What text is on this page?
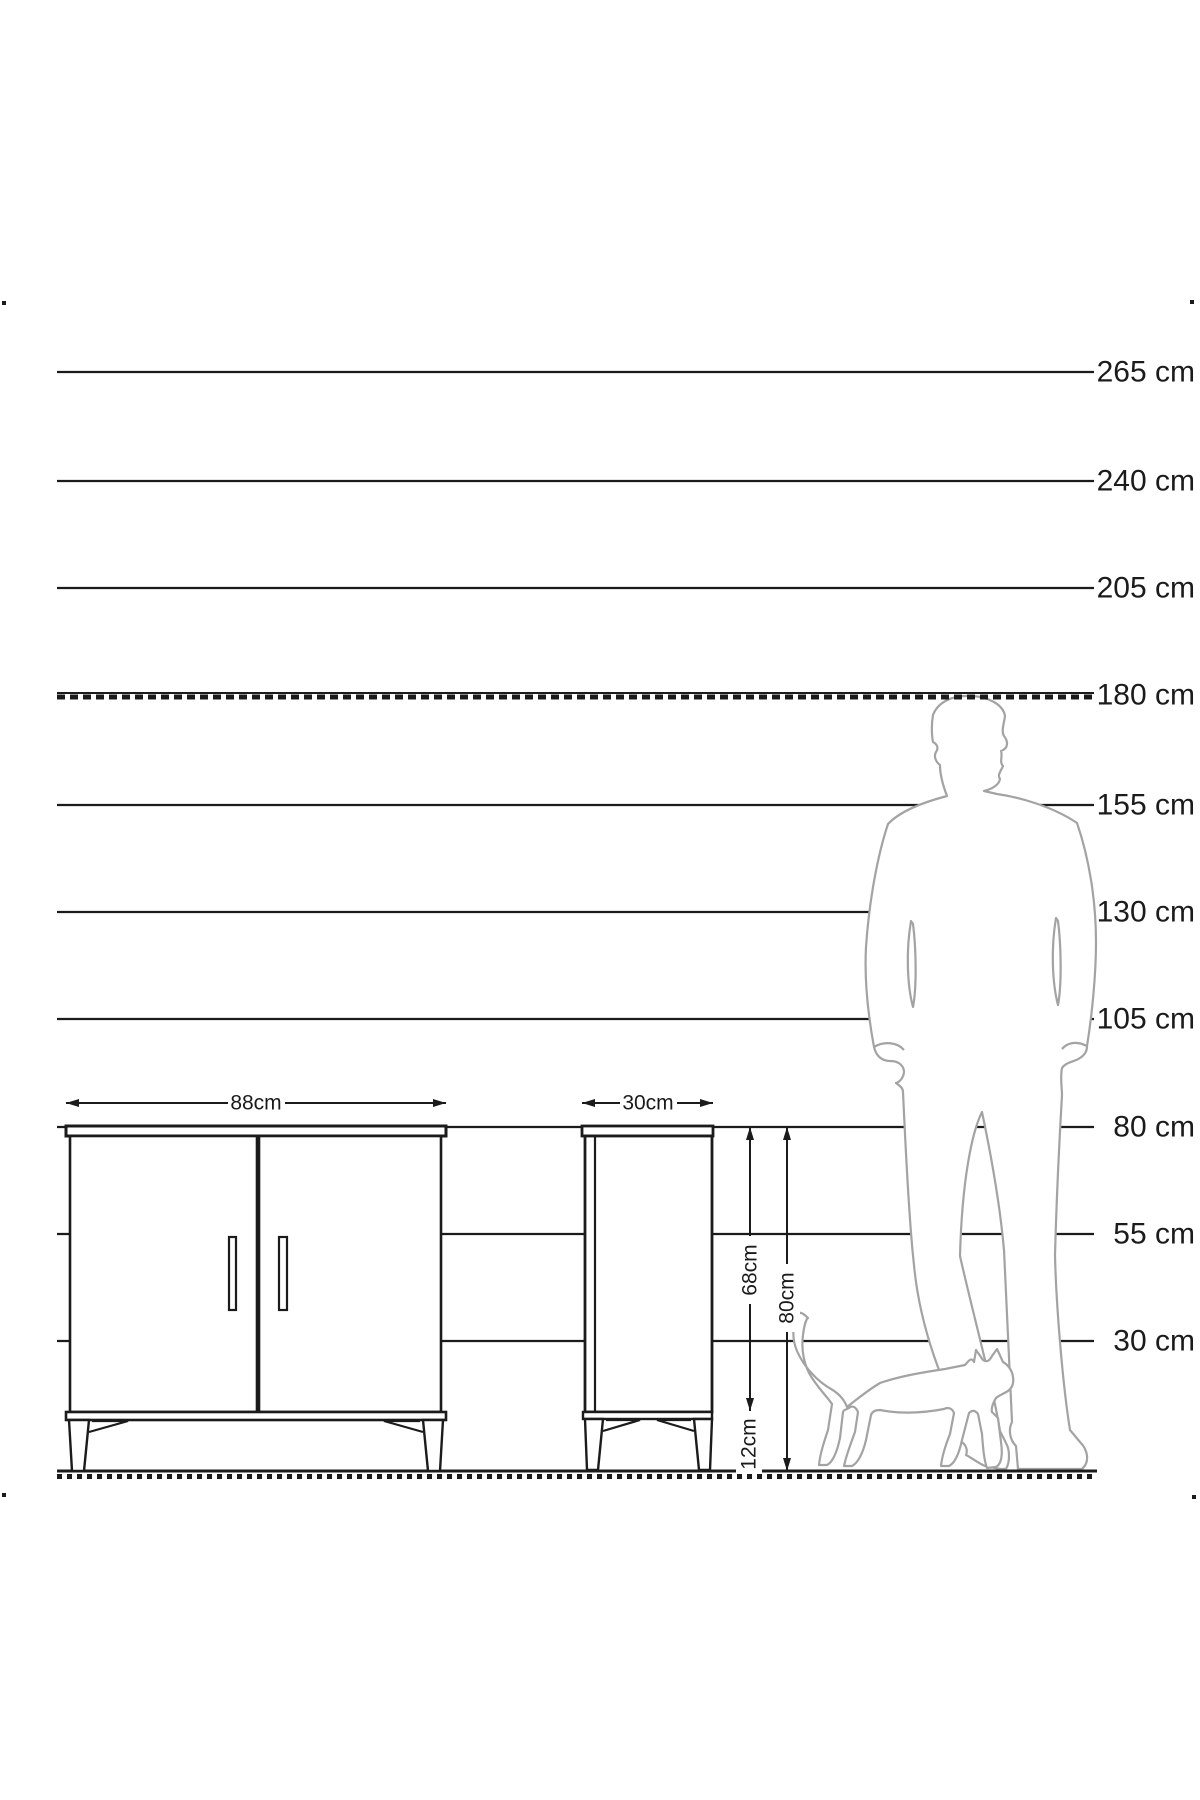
88cm	30cm
68cm
80cm
12cm
265 cm
240 cm
205 cm
180 cm
155 cm
130 cm
105 cm
80 cm
55 cm
30 cm
